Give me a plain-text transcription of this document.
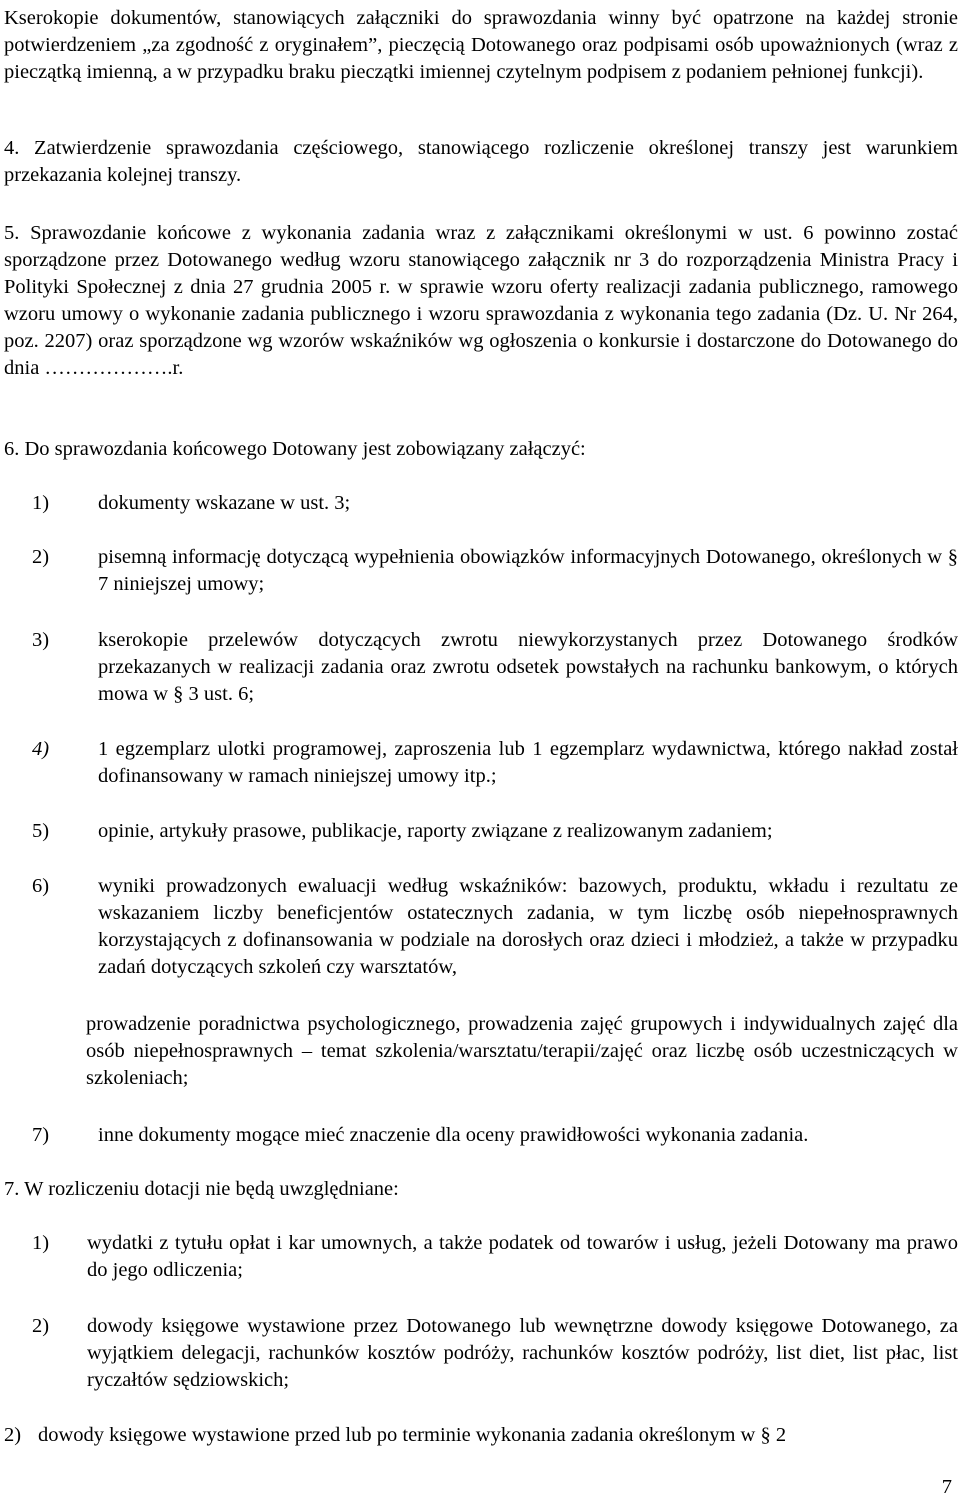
Kserokopie dokumentów, stanowiących załączniki do sprawozdania winny być opatrzone na każdej stronie potwierdzeniem „za zgodność z oryginałem”, pieczęcią Dotowanego oraz podpisami osób upoważnionych (wraz z pieczątką imienną, a w przypadku braku pieczątki imiennej czytelnym podpisem z podaniem pełnionej funkcji).

4. Zatwierdzenie sprawozdania częściowego, stanowiącego rozliczenie określonej transzy jest warunkiem przekazania kolejnej transzy.

5. Sprawozdanie końcowe z wykonania zadania wraz z załącznikami określonymi w ust. 6 powinno zostać sporządzone przez Dotowanego według wzoru stanowiącego załącznik nr 3 do rozporządzenia Ministra Pracy i Polityki Społecznej z dnia 27 grudnia 2005 r. w sprawie wzoru oferty realizacji zadania publicznego, ramowego wzoru umowy o wykonanie zadania publicznego i wzoru sprawozdania z wykonania tego zadania (Dz. U. Nr 264, poz. 2207) oraz sporządzone wg wzorów wskaźników wg ogłoszenia o konkursie i dostarczone do Dotowanego do dnia ……………….r.

6. Do sprawozdania końcowego Dotowany jest zobowiązany załączyć:

1) dokumenty wskazane w ust. 3;
2) pisemną informację dotyczącą wypełnienia obowiązków informacyjnych Dotowanego, określonych w § 7 niniejszej umowy;
3) kserokopie przelewów dotyczących zwrotu niewykorzystanych przez Dotowanego środków przekazanych w realizacji zadania oraz zwrotu odsetek powstałych na rachunku bankowym, o których mowa w § 3 ust. 6;
4) 1 egzemplarz ulotki programowej, zaproszenia lub 1 egzemplarz wydawnictwa, którego nakład został dofinansowany w ramach niniejszej umowy itp.;
5) opinie, artykuły prasowe, publikacje, raporty związane z realizowanym zadaniem;
6) wyniki prowadzonych ewaluacji według wskaźników: bazowych, produktu, wkładu i rezultatu ze wskazaniem liczby beneficjentów ostatecznych zadania, w tym liczbę osób niepełnosprawnych korzystających z dofinansowania w podziale na dorosłych oraz dzieci i młodzież, a także w przypadku zadań dotyczących szkoleń czy warsztatów,
prowadzenie poradnictwa psychologicznego, prowadzenia zajęć grupowych i indywidualnych zajęć dla osób niepełnosprawnych – temat szkolenia/warsztatu/terapii/zajęć oraz liczbę osób uczestniczących w szkoleniach;
7) inne dokumenty mogące mieć znaczenie dla oceny prawidłowości wykonania zadania.

7. W rozliczeniu dotacji nie będą uwzględniane:

1) wydatki z tytułu opłat i kar umownych, a także podatek od towarów i usług, jeżeli Dotowany ma prawo do jego odliczenia;
2) dowody księgowe wystawione przez Dotowanego lub wewnętrzne dowody księgowe Dotowanego, za wyjątkiem delegacji, rachunków kosztów podróży, rachunków kosztów podróży, list diet, list płac, list ryczałtów sędziowskich;
2) dowody księgowe wystawione przed lub po terminie wykonania zadania określonym w § 2
7
